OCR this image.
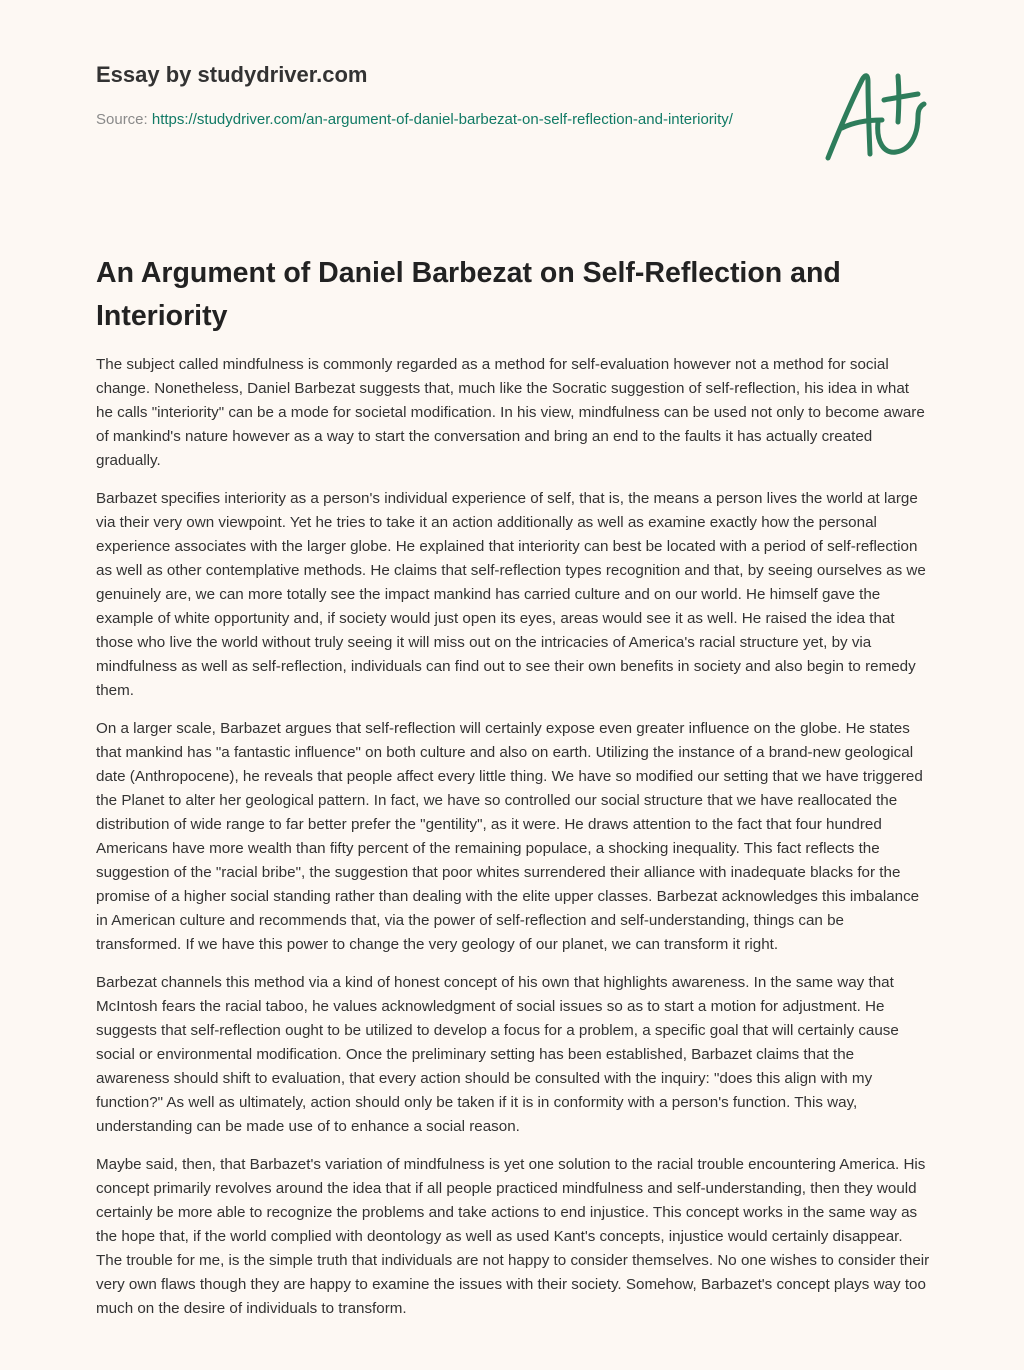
Essay by studydriver.com
Source: https://studydriver.com/an-argument-of-daniel-barbezat-on-self-reflection-and-interiority/
An Argument of Daniel Barbezat on Self-Reflection and Interiority

The subject called mindfulness is commonly regarded as a method for self-evaluation however not a method for social change. Nonetheless, Daniel Barbezat suggests that, much like the Socratic suggestion of self-reflection, his idea in what he calls "interiority" can be a mode for societal modification. In his view, mindfulness can be used not only to become aware of mankind's nature however as a way to start the conversation and bring an end to the faults it has actually created gradually.

Barbazet specifies interiority as a person's individual experience of self, that is, the means a person lives the world at large via their very own viewpoint. Yet he tries to take it an action additionally as well as examine exactly how the personal experience associates with the larger globe. He explained that interiority can best be located with a period of self-reflection as well as other contemplative methods. He claims that self-reflection types recognition and that, by seeing ourselves as we genuinely are, we can more totally see the impact mankind has carried culture and on our world. He himself gave the example of white opportunity and, if society would just open its eyes, areas would see it as well. He raised the idea that those who live the world without truly seeing it will miss out on the intricacies of America's racial structure yet, by via mindfulness as well as self-reflection, individuals can find out to see their own benefits in society and also begin to remedy them.

On a larger scale, Barbazet argues that self-reflection will certainly expose even greater influence on the globe. He states that mankind has "a fantastic influence" on both culture and also on earth. Utilizing the instance of a brand-new geological date (Anthropocene), he reveals that people affect every little thing. We have so modified our setting that we have triggered the Planet to alter her geological pattern. In fact, we have so controlled our social structure that we have reallocated the distribution of wide range to far better prefer the "gentility", as it were. He draws attention to the fact that four hundred Americans have more wealth than fifty percent of the remaining populace, a shocking inequality. This fact reflects the suggestion of the "racial bribe", the suggestion that poor whites surrendered their alliance with inadequate blacks for the promise of a higher social standing rather than dealing with the elite upper classes. Barbezat acknowledges this imbalance in American culture and recommends that, via the power of self-reflection and self-understanding, things can be transformed. If we have this power to change the very geology of our planet, we can transform it right.

Barbezat channels this method via a kind of honest concept of his own that highlights awareness. In the same way that McIntosh fears the racial taboo, he values acknowledgment of social issues so as to start a motion for adjustment. He suggests that self-reflection ought to be utilized to develop a focus for a problem, a specific goal that will certainly cause social or environmental modification. Once the preliminary setting has been established, Barbazet claims that the awareness should shift to evaluation, that every action should be consulted with the inquiry: "does this align with my function?" As well as ultimately, action should only be taken if it is in conformity with a person's function. This way, understanding can be made use of to enhance a social reason.

Maybe said, then, that Barbazet's variation of mindfulness is yet one solution to the racial trouble encountering America. His concept primarily revolves around the idea that if all people practiced mindfulness and self-understanding, then they would certainly be more able to recognize the problems and take actions to end injustice. This concept works in the same way as the hope that, if the world complied with deontology as well as used Kant's concepts, injustice would certainly disappear. The trouble for me, is the simple truth that individuals are not happy to consider themselves. No one wishes to consider their very own flaws though they are happy to examine the issues with their society. Somehow, Barbazet's concept plays way too much on the desire of individuals to transform.
